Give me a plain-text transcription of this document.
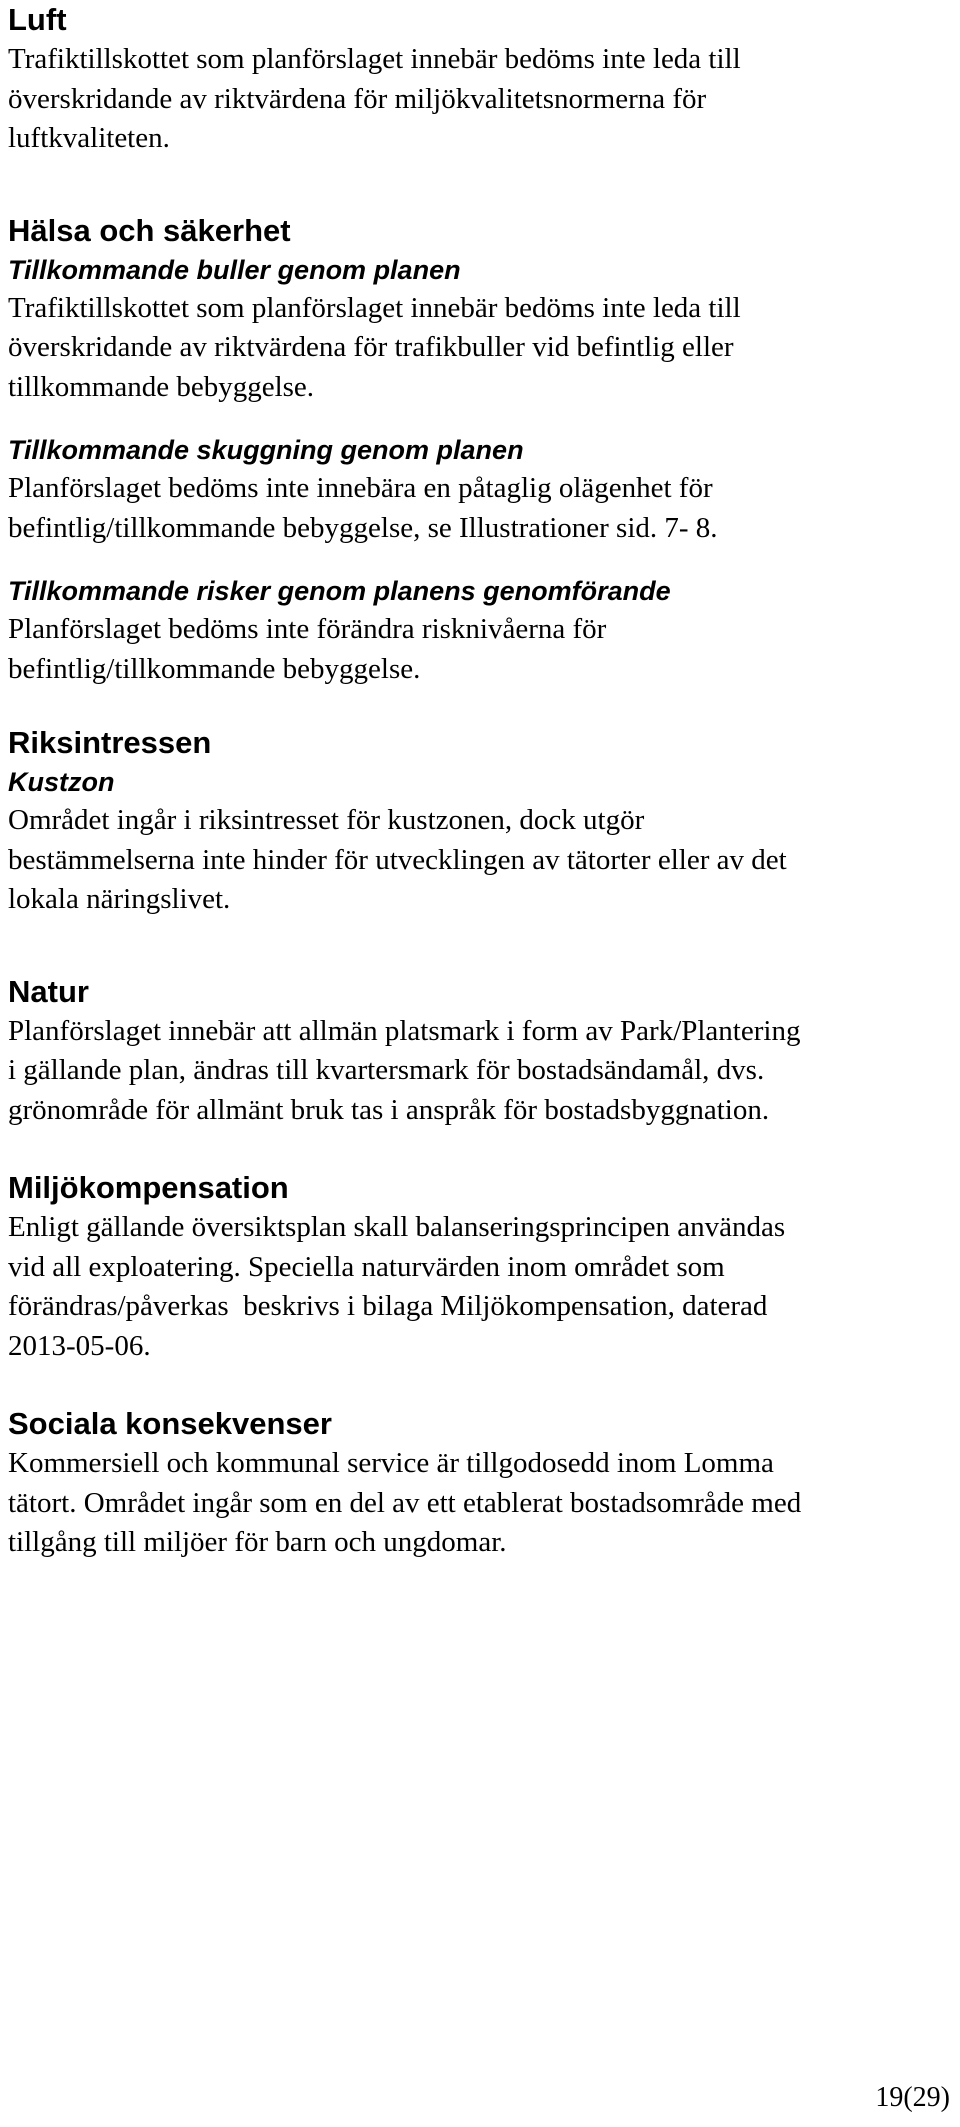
Luft

Trafiktillskottet som planförslaget innebär bedöms inte leda till
överskridande av riktvärdena för miljökvalitetsnormerna för
luftkvaliteten.

Hälsa och säkerhet
Tillkommande buller genom planen

Trafiktillskottet som planförslaget innebär bedöms inte leda till
överskridande av riktvärdena för trafikbuller vid befintlig eller
tillkommande bebyggelse.

Tillkommande skuggning genom planen

Planförslaget bedöms inte innebära en påtaglig olägenhet för
befintlig/tillkommande bebyggelse, se Illustrationer sid. 7- 8.

Tillkommande risker genom planens genomförande

Planförslaget bedöms inte förändra risknivåerna för
befintlig/tillkommande bebyggelse.

Riksintressen
Kustzon

Området ingår i riksintresset för kustzonen, dock utgör
bestämmelserna inte hinder för utvecklingen av tätorter eller av det
lokala näringslivet.

Natur

Planförslaget innebär att allmän platsmark i form av Park/Plantering
i gällande plan, ändras till kvartersmark för bostadsändamål, dvs.
grönområde för allmänt bruk tas i anspråk för bostadsbyggnation.

Miljökompensation

Enligt gällande översiktsplan skall balanseringsprincipen användas
vid all exploatering. Speciella naturvärden inom området som
förändras/påverkas  beskrivs i bilaga Miljökompensation, daterad
2013-05-06.

Sociala konsekvenser

Kommersiell och kommunal service är tillgodosedd inom Lomma
tätort. Området ingår som en del av ett etablerat bostadsområde med
tillgång till miljöer för barn och ungdomar.

19(29)
